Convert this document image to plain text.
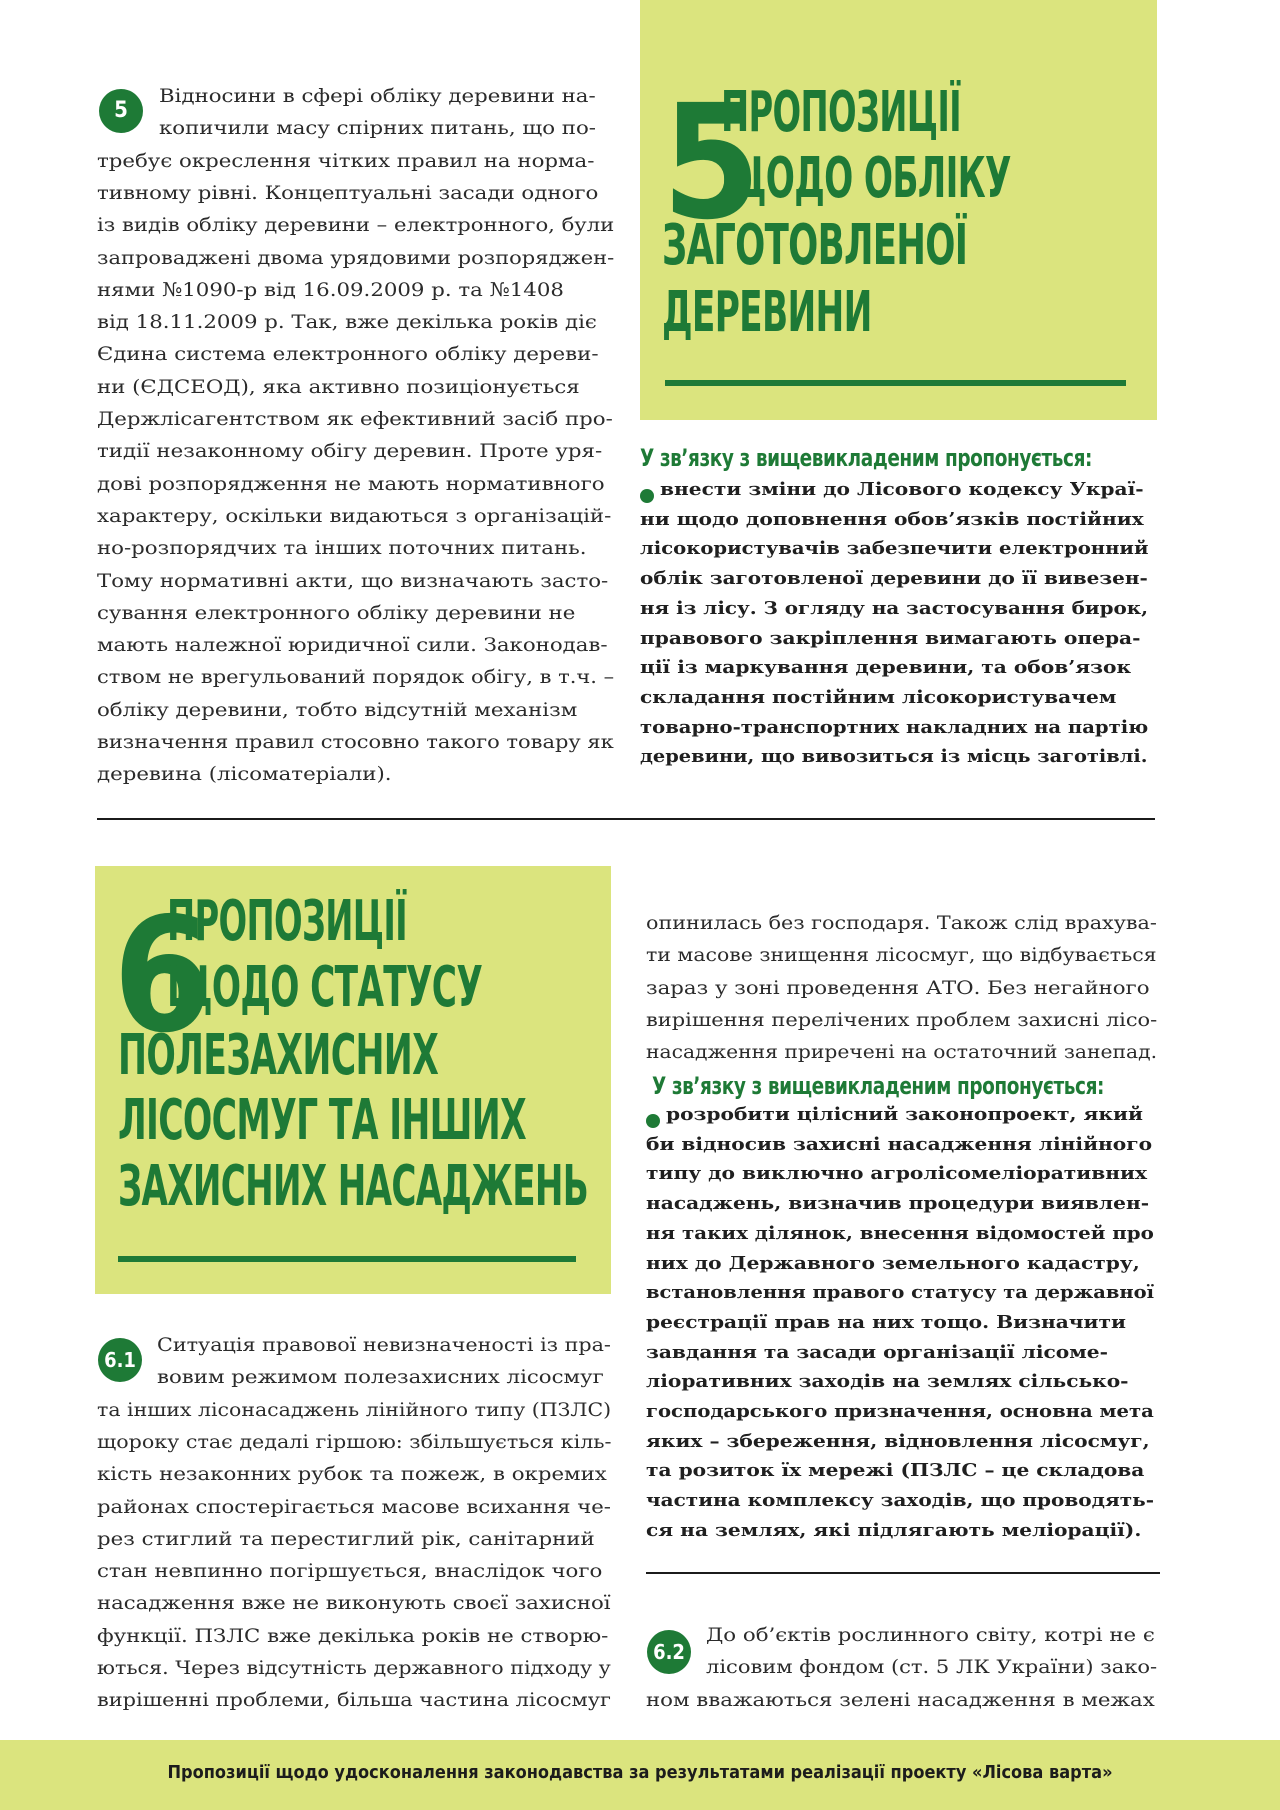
5
ПРОПОЗИЦІЇ
ЩОДО ОБЛІКУ
ЗАГОТОВЛЕНОЇ
ДЕРЕВИНИ
5
Відносини в сфері обліку деревини на-
копичили масу спірних питань, що по-
требує окреслення чітких правил на норма-
тивному рівні. Концептуальні засади одного
із видів обліку деревини – електронного, були
запроваджені двома урядовими розпоряджен-
нями №1090-р від 16.09.2009 р. та №1408
від 18.11.2009 р. Так, вже декілька років діє
Єдина система електронного обліку дереви-
ни (ЄДСЕОД), яка активно позиціонується
Держлісагентством як ефективний засіб про-
тидії незаконному обігу деревин. Проте уря-
дові розпорядження не мають нормативного
характеру, оскільки видаються з організацій-
но-розпорядчих та інших поточних питань.
Тому нормативні акти, що визначають засто-
сування електронного обліку деревини не
мають належної юридичної сили. Законодав-
ством не врегульований порядок обігу, в т.ч. –
обліку деревини, тобто відсутній механізм
визначення правил стосовно такого товару як
деревина (лісоматеріали).
У зв’язку з вищевикладеним пропонується:
внести зміни до Лісового кодексу Украї-
ни щодо доповнення обов’язків постійних
лісокористувачів забезпечити електронний
облік заготовленої деревини до її вивезен-
ня із лісу. З огляду на застосування бирок,
правового закріплення вимагають опера-
ції із маркування деревини, та обов’язок
складання постійним лісокористувачем
товарно-транспортних накладних на партію
деревини, що вивозиться із місць заготівлі.
6
ПРОПОЗИЦІЇ
ЩОДО СТАТУСУ
ПОЛЕЗАХИСНИХ
ЛІСОСМУГ ТА ІНШИХ
ЗАХИСНИХ НАСАДЖЕНЬ
6.1
Ситуація правової невизначеності із пра-
вовим режимом полезахисних лісосмуг
та інших лісонасаджень лінійного типу (ПЗЛС)
щороку стає дедалі гіршою: збільшується кіль-
кість незаконних рубок та пожеж, в окремих
районах спостерігається масове всихання че-
рез стиглий та перестиглий рік, санітарний
стан невпинно погіршується, внаслідок чого
насадження вже не виконують своєї захисної
функції. ПЗЛС вже декілька років не створю-
ються. Через відсутність державного підходу у
вирішенні проблеми, більша частина лісосмуг
опинилась без господаря. Також слід врахува-
ти масове знищення лісосмуг, що відбувається
зараз у зоні проведення АТО. Без негайного
вирішення перелічених проблем захисні лісо-
насадження приречені на остаточний занепад.
У зв’язку з вищевикладеним пропонується:
розробити цілісний законопроект, який
би відносив захисні насадження лінійного
типу до виключно агролісомеліоративних
насаджень, визначив процедури виявлен-
ня таких ділянок, внесення відомостей про
них до Державного земельного кадастру,
встановлення правого статусу та державної
реєстрації прав на них тощо. Визначити
завдання та засади організації лісоме-
ліоративних заходів на землях сільсько-
господарського призначення, основна мета
яких – збереження, відновлення лісосмуг,
та розиток їх мережі (ПЗЛС – це складова
частина комплексу заходів, що проводять-
ся на землях, які підлягають меліорації).
6.2
До об’єктів рослинного світу, котрі не є
лісовим фондом (ст. 5 ЛК України) зако-
ном вважаються зелені насадження в межах
Пропозиції щодо удосконалення законодавства за результатами реалізації проекту «Лісова варта»
